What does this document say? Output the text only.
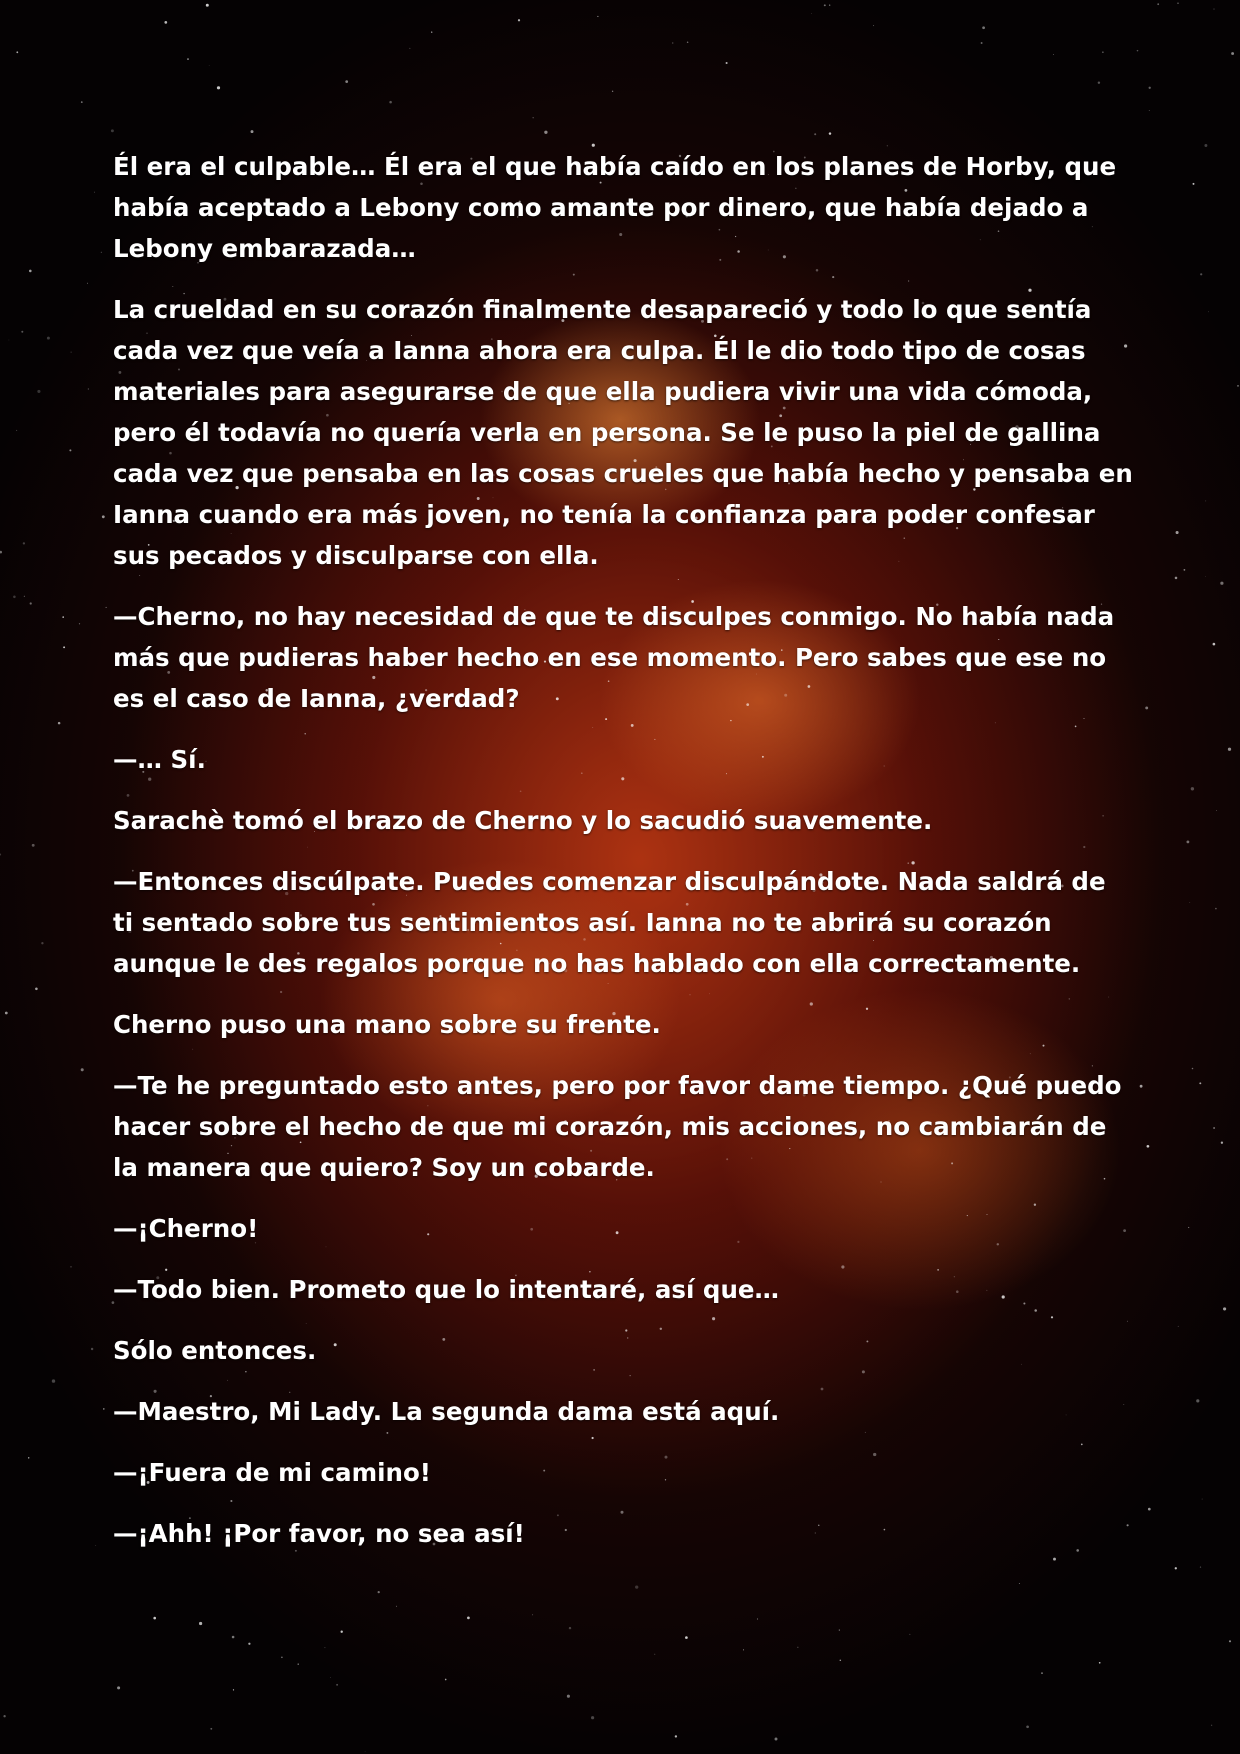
Él era el culpable… Él era el que había caído en los planes de Horby, que había aceptado a Lebony como amante por dinero, que había dejado a Lebony embarazada…

La crueldad en su corazón finalmente desapareció y todo lo que sentía cada vez que veía a Ianna ahora era culpa. Él le dio todo tipo de cosas materiales para asegurarse de que ella pudiera vivir una vida cómoda, pero él todavía no quería verla en persona. Se le puso la piel de gallina cada vez que pensaba en las cosas crueles que había hecho y pensaba en Ianna cuando era más joven, no tenía la confianza para poder confesar sus pecados y disculparse con ella.

—Cherno, no hay necesidad de que te disculpes conmigo. No había nada más que pudieras haber hecho en ese momento. Pero sabes que ese no es el caso de Ianna, ¿verdad?

—… Sí.

Sarachè tomó el brazo de Cherno y lo sacudió suavemente.

—Entonces discúlpate. Puedes comenzar disculpándote. Nada saldrá de ti sentado sobre tus sentimientos así. Ianna no te abrirá su corazón aunque le des regalos porque no has hablado con ella correctamente.

Cherno puso una mano sobre su frente.

—Te he preguntado esto antes, pero por favor dame tiempo. ¿Qué puedo hacer sobre el hecho de que mi corazón, mis acciones, no cambiarán de la manera que quiero? Soy un cobarde.

—¡Cherno!

—Todo bien. Prometo que lo intentaré, así que…

Sólo entonces.

—Maestro, Mi Lady. La segunda dama está aquí.

—¡Fuera de mi camino!

—¡Ahh! ¡Por favor, no sea así!
